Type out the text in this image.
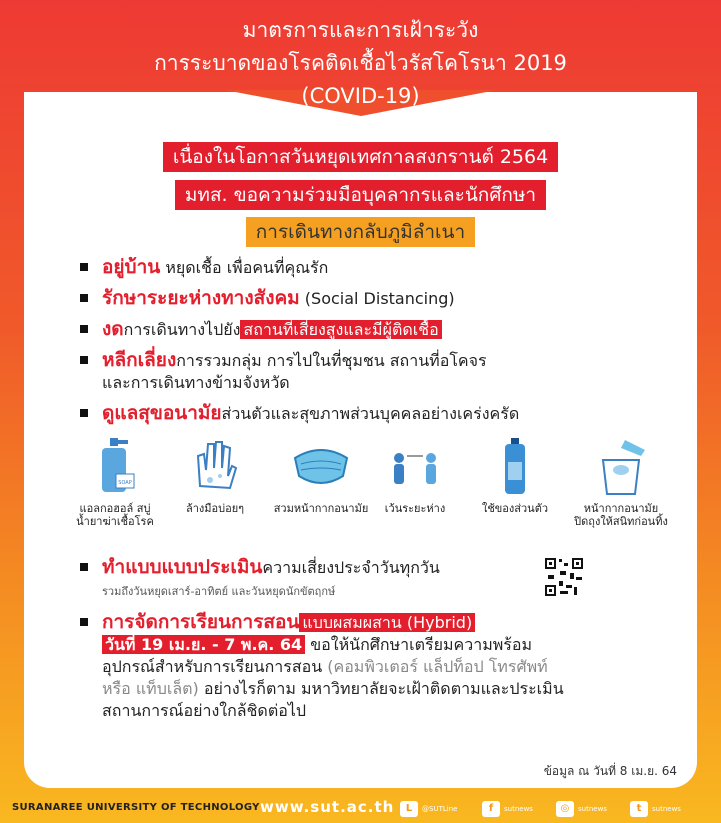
มาตรการและการเฝ้าระวัง
การระบาดของโรคติดเชื้อไวรัสโคโรนา 2019
(COVID-19)
เนื่องในโอกาสวันหยุดเทศกาลสงกรานต์ 2564
มทส. ขอความร่วมมือบุคลากรและนักศึกษา
การเดินทางกลับภูมิลำเนา
อยู่บ้าน หยุดเชื้อ เพื่อคนที่คุณรัก
รักษาระยะห่างทางสังคม (Social Distancing)
งดการเดินทางไปยัง สถานที่เสี่ยงสูงและมีผู้ติดเชื้อ
หลีกเลี่ยงการรวมกลุ่ม การไปในที่ชุมชน สถานที่อโคจร
และการเดินทางข้ามจังหวัด
ดูแลสุขอนามัยส่วนตัวและสุขภาพส่วนบุคคลอย่างเคร่งครัด
SOAP
แอลกอฮอล์ สบู่
น้ำยาฆ่าเชื้อโรค
ล้างมือบ่อยๆ	สวมหน้ากากอนามัย	เว้นระยะห่าง	ใช้ของส่วนตัว	หน้ากากอนามัย
ปิดถุงให้สนิทก่อนทิ้ง
ทำแบบแบบประเมินความเสี่ยงประจำวันทุกวัน
รวมถึงวันหยุดเสาร์-อาทิตย์ และวันหยุดนักขัตฤกษ์
การจัดการเรียนการสอน แบบผสมผสาน (Hybrid)
วันที่ 19 เม.ย. - 7 พ.ค. 64 ขอให้นักศึกษาเตรียมความพร้อม
อุปกรณ์สำหรับการเรียนการสอน (คอมพิวเตอร์ แล็ปท็อป โทรศัพท์
หรือ แท็บเล็ต) อย่างไรก็ตาม มหาวิทยาลัยจะเฝ้าติดตามและประเมิน
สถานการณ์อย่างใกล้ชิดต่อไป
ข้อมูล ณ วันที่ 8 เม.ย. 64
SURANAREE UNIVERSITY OF TECHNOLOGY www.sut.ac.th	L	@SUTLine	f	sutnews	◎	sutnews	t	sutnews
